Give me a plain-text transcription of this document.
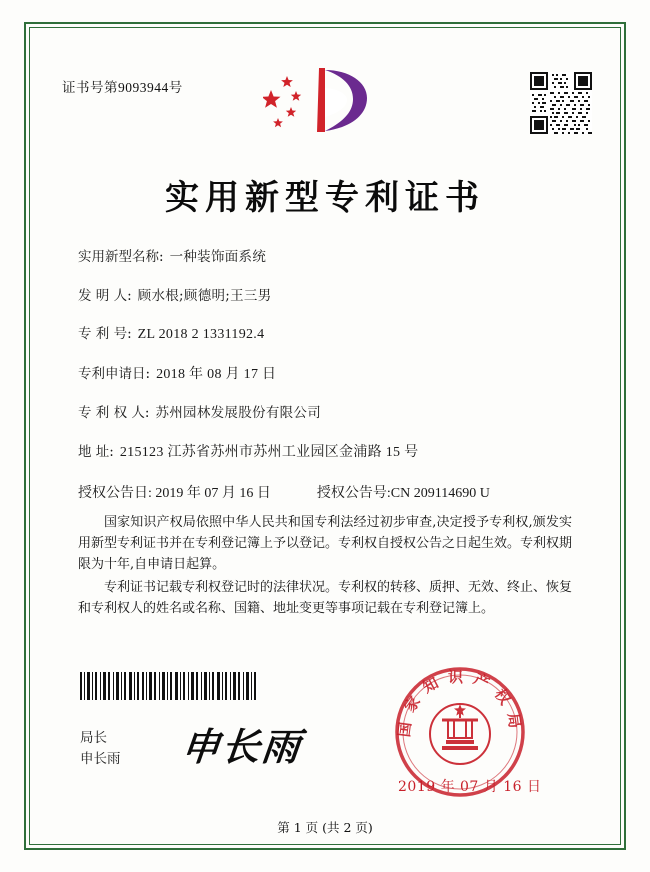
证书号第9093944号
实用新型专利证书
实用新型名称: 一种装饰面系统
发 明 人: 顾水根;顾德明;王三男
专 利 号: ZL 2018 2 1331192.4
专利申请日: 2018 年 08 月 17 日
专 利 权 人: 苏州园林发展股份有限公司
地 址: 215123 江苏省苏州市苏州工业园区金浦路 15 号
授权公告日: 2019 年 07 月 16 日	授权公告号: CN 209114690 U

国家知识产权局依照中华人民共和国专利法经过初步审查,决定授予专利权,颁发实用新型专利证书并在专利登记簿上予以登记。专利权自授权公告之日起生效。专利权期限为十年,自申请日起算。

专利证书记载专利权登记时的法律状况。专利权的转移、质押、无效、终止、恢复和专利权人的姓名或名称、国籍、地址变更等事项记载在专利登记簿上。

局长
申长雨 申长雨	国家知识产权局
2019 年 07 月 16 日
第 1 页 (共 2 页)
